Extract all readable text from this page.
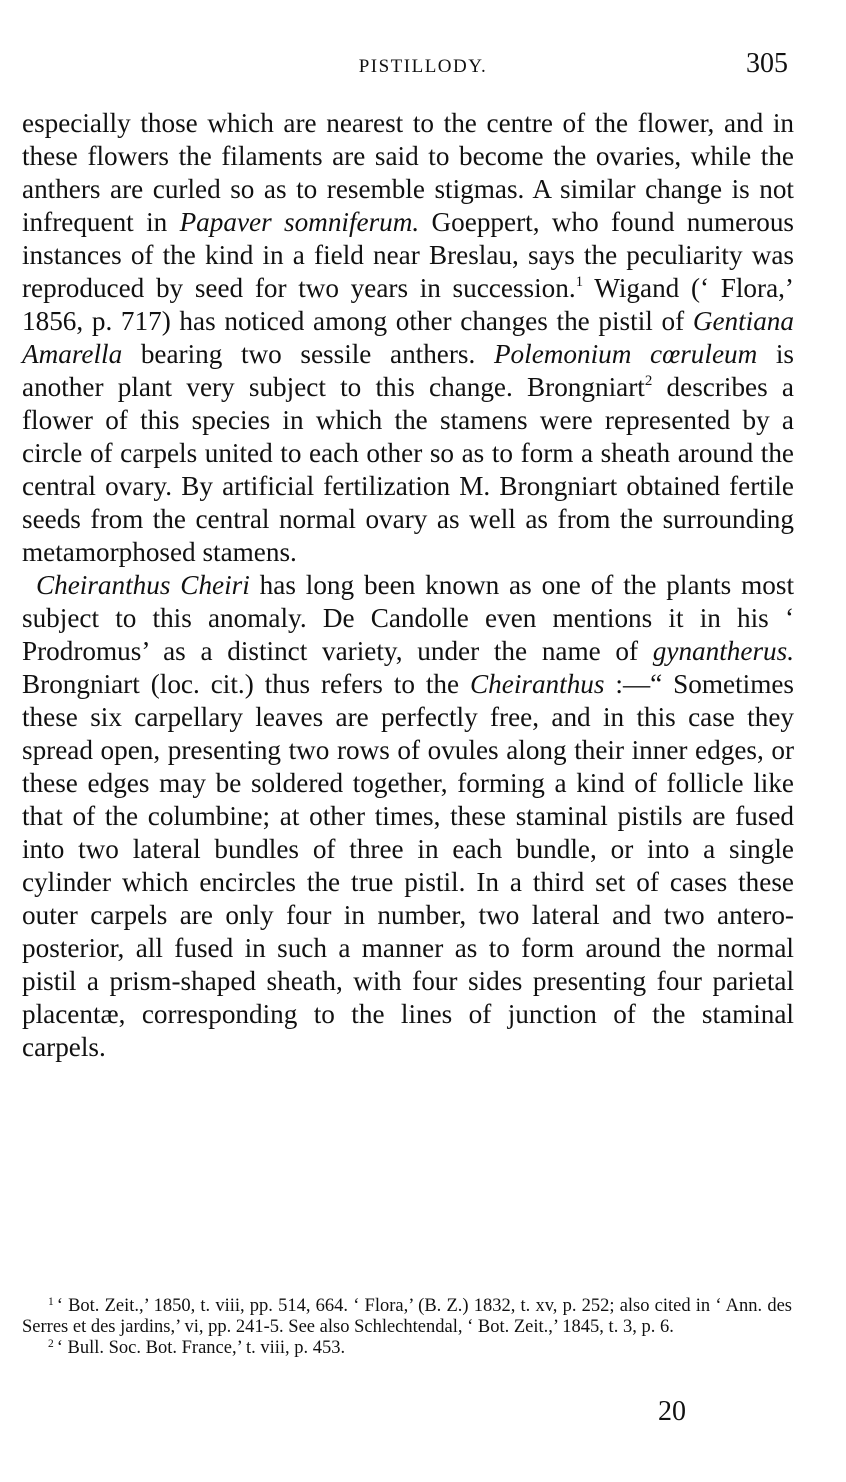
PISTILLODY.	305

especially those which are nearest to the centre of the flower, and in these flowers the filaments are said to become the ovaries, while the anthers are curled so as to resemble stigmas. A similar change is not infrequent in Papaver somniferum. Goeppert, who found numerous instances of the kind in a field near Breslau, says the peculiarity was reproduced by seed for two years in succession.$^1$ Wigand (‘ Flora,’ 1856, p. 717) has noticed among other changes the pistil of Gentiana Amarella bearing two sessile anthers. Polemonium cœruleum is another plant very subject to this change. Brongniart$^2$ describes a flower of this species in which the stamens were represented by a circle of carpels united to each other so as to form a sheath around the central ovary. By artificial fertilization M. Brongniart obtained fertile seeds from the central normal ovary as well as from the surrounding metamorphosed stamens.

Cheiranthus Cheiri has long been known as one of the plants most subject to this anomaly. De Candolle even mentions it in his ‘ Prodromus’ as a distinct variety, under the name of gynantherus. Brongniart (loc. cit.) thus refers to the Cheiranthus :—“ Sometimes these six carpellary leaves are perfectly free, and in this case they spread open, presenting two rows of ovules along their inner edges, or these edges may be soldered together, forming a kind of follicle like that of the columbine; at other times, these staminal pistils are fused into two lateral bundles of three in each bundle, or into a single cylinder which encircles the true pistil. In a third set of cases these outer carpels are only four in number, two lateral and two antero-posterior, all fused in such a manner as to form around the normal pistil a prism-shaped sheath, with four sides presenting four parietal placentæ, corresponding to the lines of junction of the staminal carpels.

$^1$ ‘ Bot. Zeit.,’ 1850, t. viii, pp. 514, 664. ‘ Flora,’ (B. Z.) 1832, t. xv, p. 252; also cited in ‘ Ann. des Serres et des jardins,’ vi, pp. 241-5. See also Schlechtendal, ‘ Bot. Zeit.,’ 1845, t. 3, p. 6.

$^2$ ‘ Bull. Soc. Bot. France,’ t. viii, p. 453.

20
